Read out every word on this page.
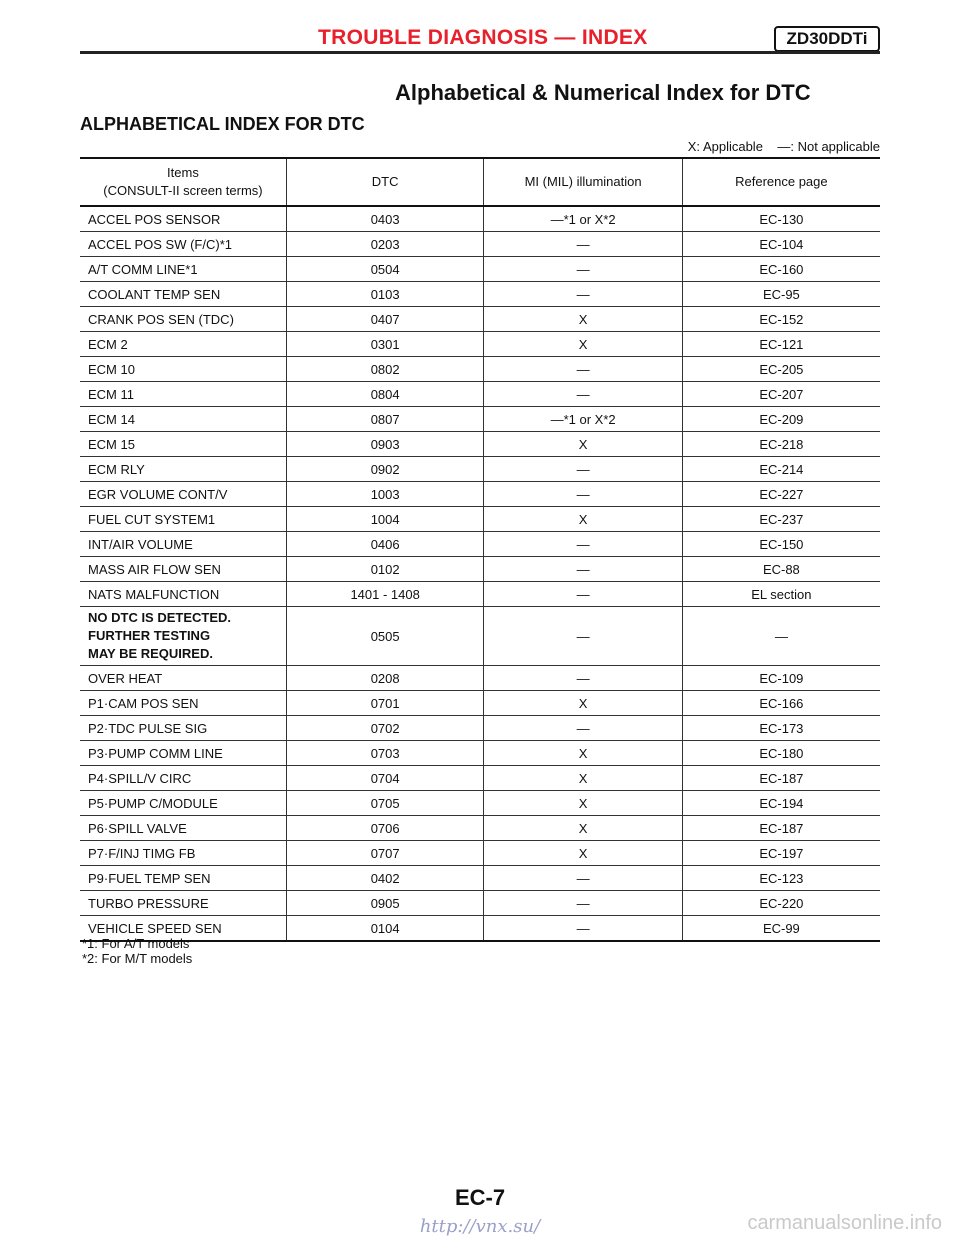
TROUBLE DIAGNOSIS — INDEX	ZD30DDTi
Alphabetical & Numerical Index for DTC
ALPHABETICAL INDEX FOR DTC
X: Applicable    —: Not applicable
Items
(CONSULT-II screen terms)	DTC	MI (MIL) illumination	Reference page
ACCEL POS SENSOR	0403	—*1 or X*2	EC-130
ACCEL POS SW (F/C)*1	0203	—	EC-104
A/T COMM LINE*1	0504	—	EC-160
COOLANT TEMP SEN	0103	—	EC-95
CRANK POS SEN (TDC)	0407	X	EC-152
ECM 2	0301	X	EC-121
ECM 10	0802	—	EC-205
ECM 11	0804	—	EC-207
ECM 14	0807	—*1 or X*2	EC-209
ECM 15	0903	X	EC-218
ECM RLY	0902	—	EC-214
EGR VOLUME CONT/V	1003	—	EC-227
FUEL CUT SYSTEM1	1004	X	EC-237
INT/AIR VOLUME	0406	—	EC-150
MASS AIR FLOW SEN	0102	—	EC-88
NATS MALFUNCTION	1401 - 1408	—	EL section
NO DTC IS DETECTED.
FURTHER TESTING
MAY BE REQUIRED.	0505	—	—
OVER HEAT	0208	—	EC-109
P1·CAM POS SEN	0701	X	EC-166
P2·TDC PULSE SIG	0702	—	EC-173
P3·PUMP COMM LINE	0703	X	EC-180
P4·SPILL/V CIRC	0704	X	EC-187
P5·PUMP C/MODULE	0705	X	EC-194
P6·SPILL VALVE	0706	X	EC-187
P7·F/INJ TIMG FB	0707	X	EC-197
P9·FUEL TEMP SEN	0402	—	EC-123
TURBO PRESSURE	0905	—	EC-220
VEHICLE SPEED SEN	0104	—	EC-99
*1: For A/T models
*2: For M/T models
EC-7
http://vnx.su/	carmanualsonline.info
